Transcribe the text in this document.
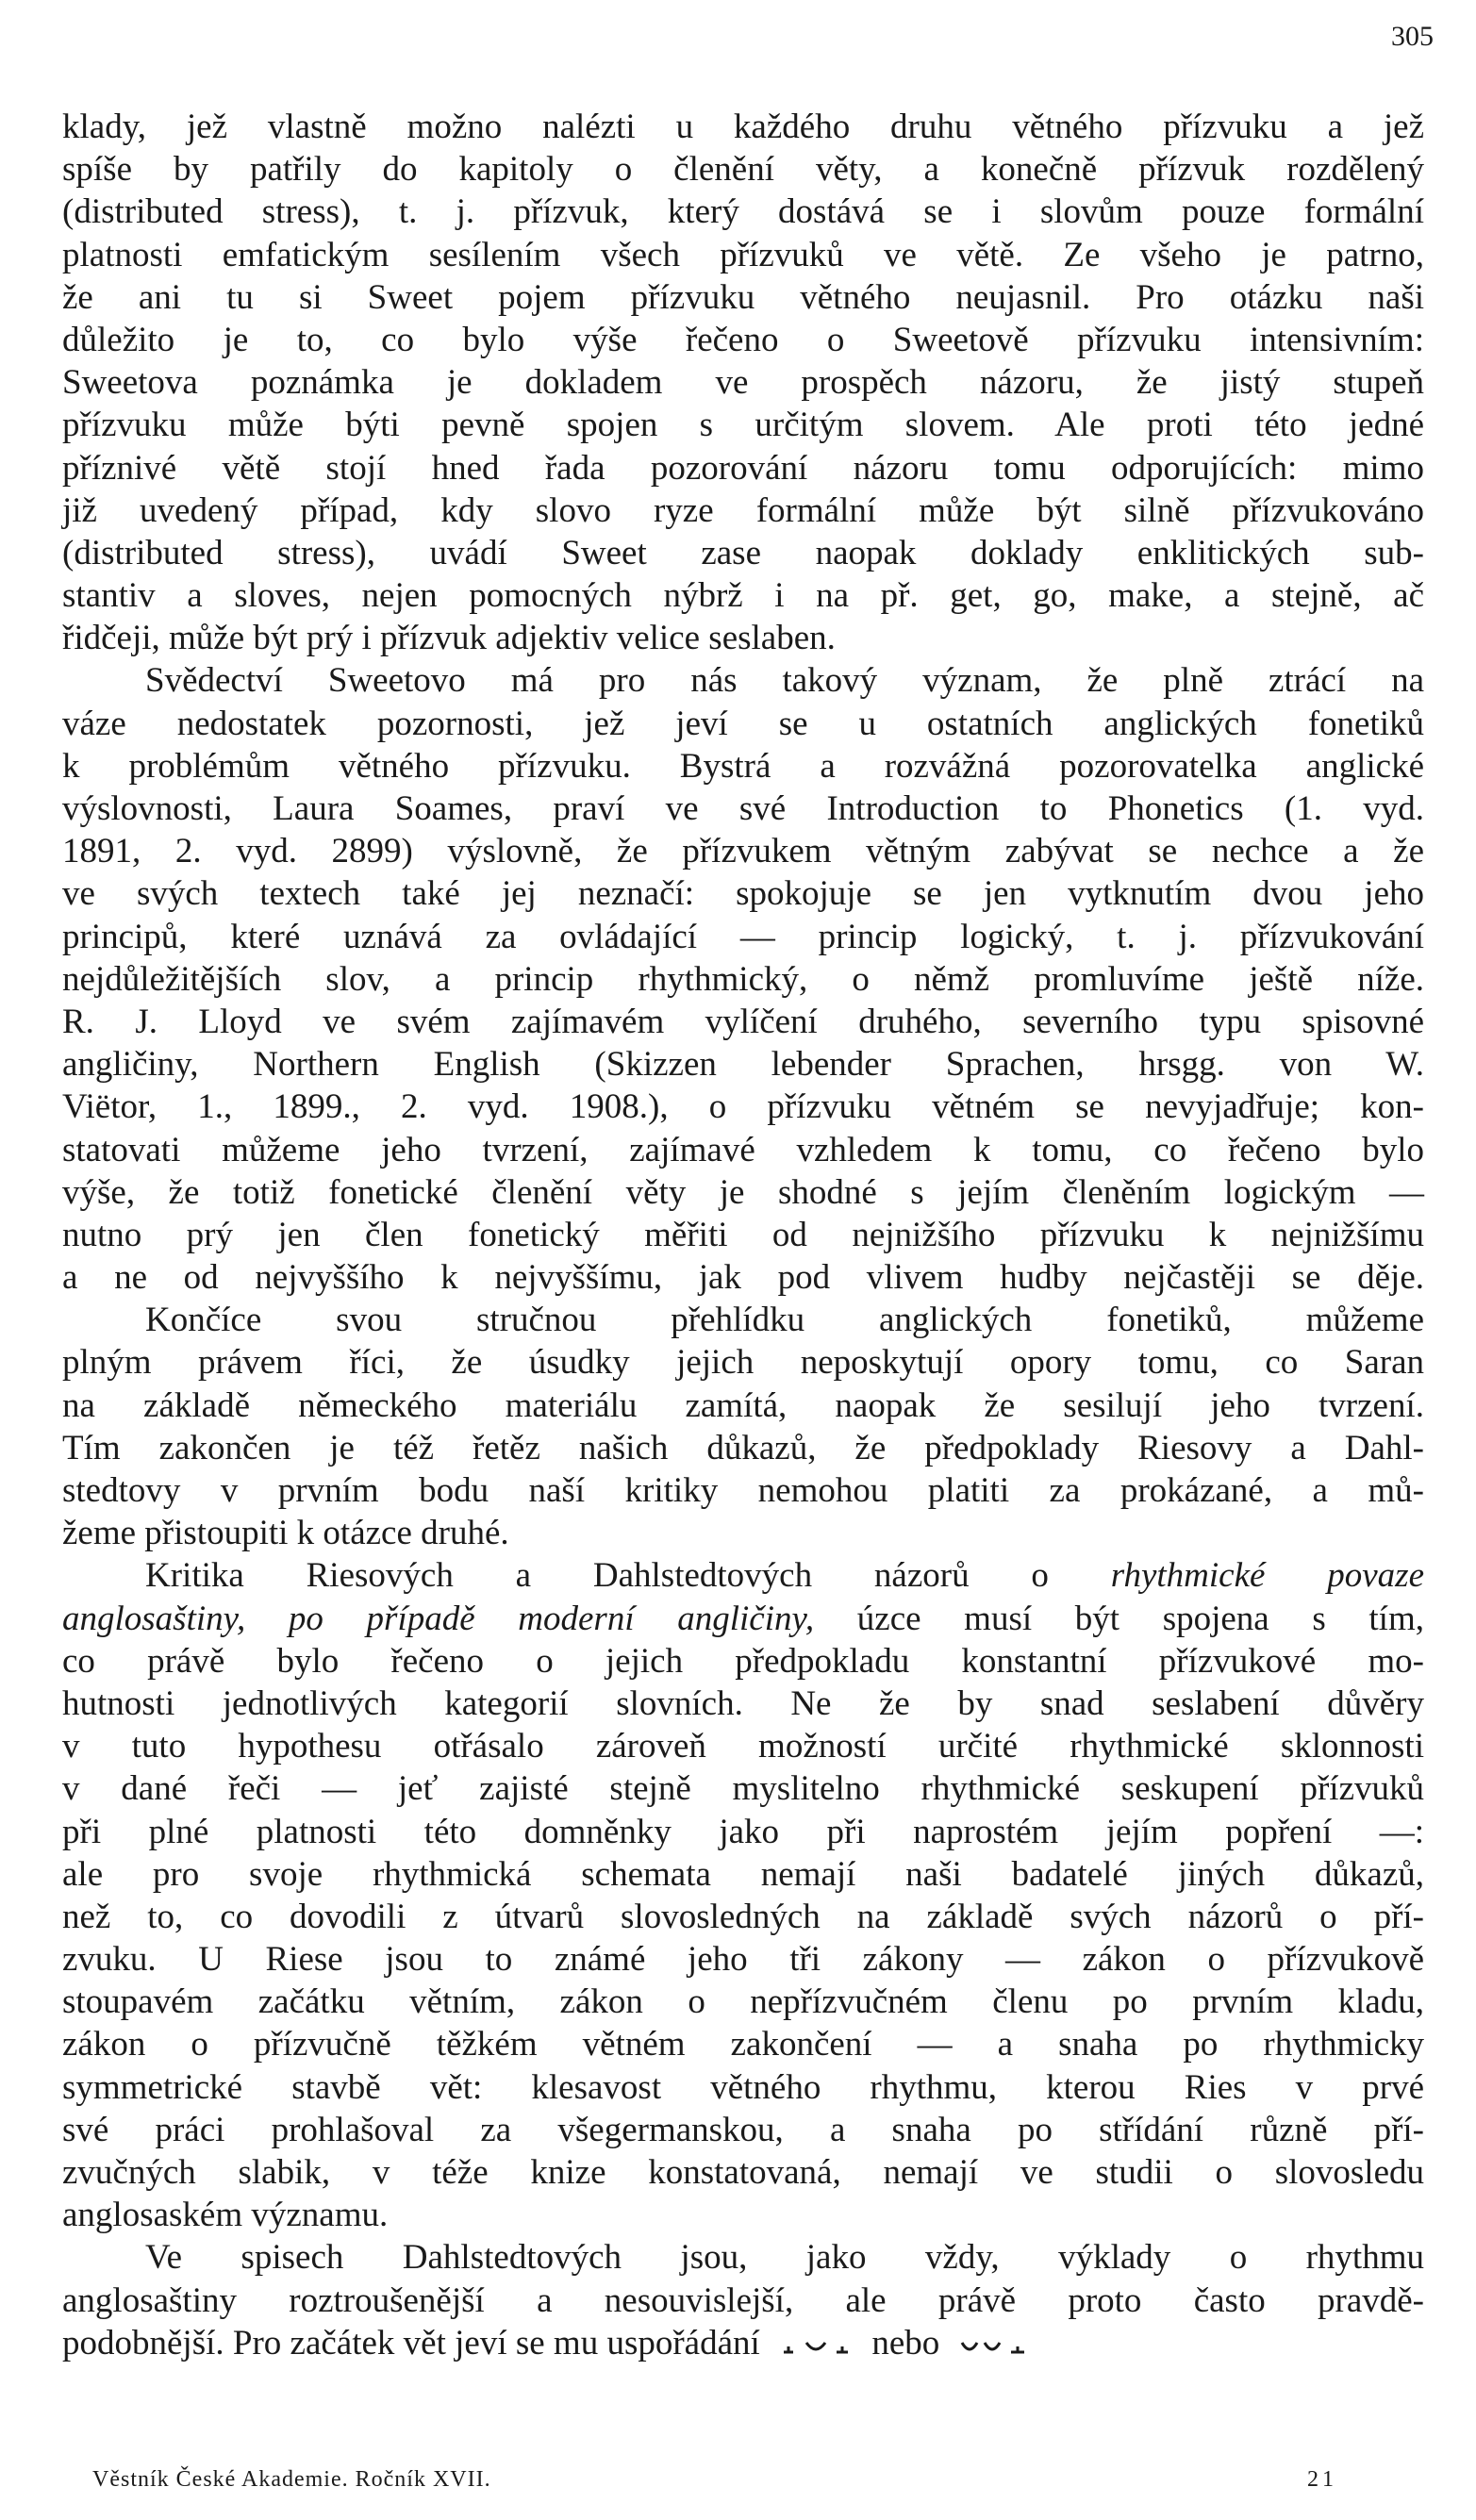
305
klady, jež vlastně možno nalézti u každého druhu větného přízvuku a jež
spíše by patřily do kapitoly o členění věty, a konečně přízvuk rozdělený
(distributed stress), t. j. přízvuk, který dostává se i slovům pouze formální
platnosti emfatickým sesílením všech přízvuků ve větě. Ze všeho je patrno,
že ani tu si Sweet pojem přízvuku větného neujasnil. Pro otázku naši
důležito je to, co bylo výše řečeno o Sweetově přízvuku intensivním:
Sweetova poznámka je dokladem ve prospěch názoru, že jistý stupeň
přízvuku může býti pevně spojen s určitým slovem. Ale proti této jedné
příznivé větě stojí hned řada pozorování názoru tomu odporujících: mimo
již uvedený případ, kdy slovo ryze formální může být silně přízvukováno
(distributed stress), uvádí Sweet zase naopak doklady enklitických sub-
stantiv a sloves, nejen pomocných nýbrž i na př. get, go, make, a stejně, ač
řidčeji, může být prý i přízvuk adjektiv velice seslaben.
Svědectví Sweetovo má pro nás takový význam, že plně ztrácí na
váze nedostatek pozornosti, jež jeví se u ostatních anglických fonetiků
k problémům větného přízvuku. Bystrá a rozvážná pozorovatelka anglické
výslovnosti, Laura Soames, praví ve své Introduction to Phonetics (1. vyd.
1891, 2. vyd. 2899) výslovně, že přízvukem větným zabývat se nechce a že
ve svých textech také jej neznačí: spokojuje se jen vytknutím dvou jeho
principů, které uznává za ovládající — princip logický, t. j. přízvukování
nejdůležitějších slov, a princip rhythmický, o němž promluvíme ještě níže.
R. J. Lloyd ve svém zajímavém vylíčení druhého, severního typu spisovné
angličiny, Northern English (Skizzen lebender Sprachen, hrsgg. von W.
Viëtor, 1., 1899., 2. vyd. 1908.), o přízvuku větném se nevyjadřuje; kon-
statovati můžeme jeho tvrzení, zajímavé vzhledem k tomu, co řečeno bylo
výše, že totiž fonetické členění věty je shodné s jejím členěním logickým —
nutno prý jen člen fonetický měřiti od nejnižšího přízvuku k nejnižšímu
a ne od nejvyššího k nejvyššímu, jak pod vlivem hudby nejčastěji se děje.
Končíce svou stručnou přehlídku anglických fonetiků, můžeme
plným právem říci, že úsudky jejich neposkytují opory tomu, co Saran
na základě německého materiálu zamítá, naopak že sesilují jeho tvrzení.
Tím zakončen je též řetěz našich důkazů, že předpoklady Riesovy a Dahl-
stedtovy v prvním bodu naší kritiky nemohou platiti za prokázané, a mů-
žeme přistoupiti k otázce druhé.
Kritika Riesových a Dahlstedtových názorů o rhythmické povaze
anglosaštiny, po případě moderní angličiny, úzce musí být spojena s tím,
co právě bylo řečeno o jejich předpokladu konstantní přízvukové mo-
hutnosti jednotlivých kategorií slovních. Ne že by snad seslabení důvěry
v tuto hypothesu otřásalo zároveň možností určité rhythmické sklonnosti
v dané řeči — jeť zajisté stejně myslitelno rhythmické seskupení přízvuků
při plné platnosti této domněnky jako při naprostém jejím popření —:
ale pro svoje rhythmická schemata nemají naši badatelé jiných důkazů,
než to, co dovodili z útvarů slovosledných na základě svých názorů o pří-
zvuku. U Riese jsou to známé jeho tři zákony — zákon o přízvukově
stoupavém začátku větním, zákon o nepřízvučném členu po prvním kladu,
zákon o přízvučně těžkém větném zakončení — a snaha po rhythmicky
symmetrické stavbě vět: klesavost větného rhythmu, kterou Ries v prvé
své práci prohlašoval za všegermanskou, a snaha po střídání různě pří-
zvučných slabik, v téže knize konstatovaná, nemají ve studii o slovosledu
anglosaském významu.
Ve spisech Dahlstedtových jsou, jako vždy, výklady o rhythmu
anglosaštiny roztroušenější a nesouvislejší, ale právě proto často pravdě-
podobnější. Pro začátek vět jeví se mu uspořádání	nebo
Věstník České Akademie. Ročník XVII.	21
